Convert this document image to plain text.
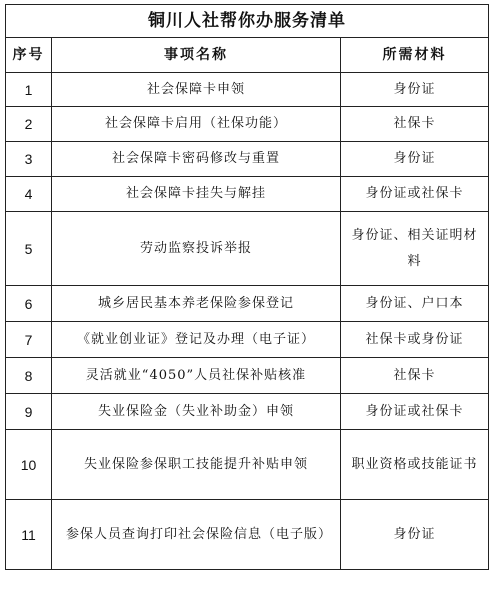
铜川人社帮你办服务清单		
序号	事项名称	所需材料
1	社会保障卡申领	身份证
2	社会保障卡启用（社保功能）	社保卡
3	社会保障卡密码修改与重置	身份证
4	社会保障卡挂失与解挂	身份证或社保卡
5	劳动监察投诉举报	身份证、相关证明材料
6	城乡居民基本养老保险参保登记	身份证、户口本
7	《就业创业证》登记及办理（电子证）	社保卡或身份证
8	灵活就业“4050”人员社保补贴核准	社保卡
9	失业保险金（失业补助金）申领	身份证或社保卡
10	失业保险参保职工技能提升补贴申领	职业资格或技能证书
11	参保人员查询打印社会保险信息（电子版）	身份证
